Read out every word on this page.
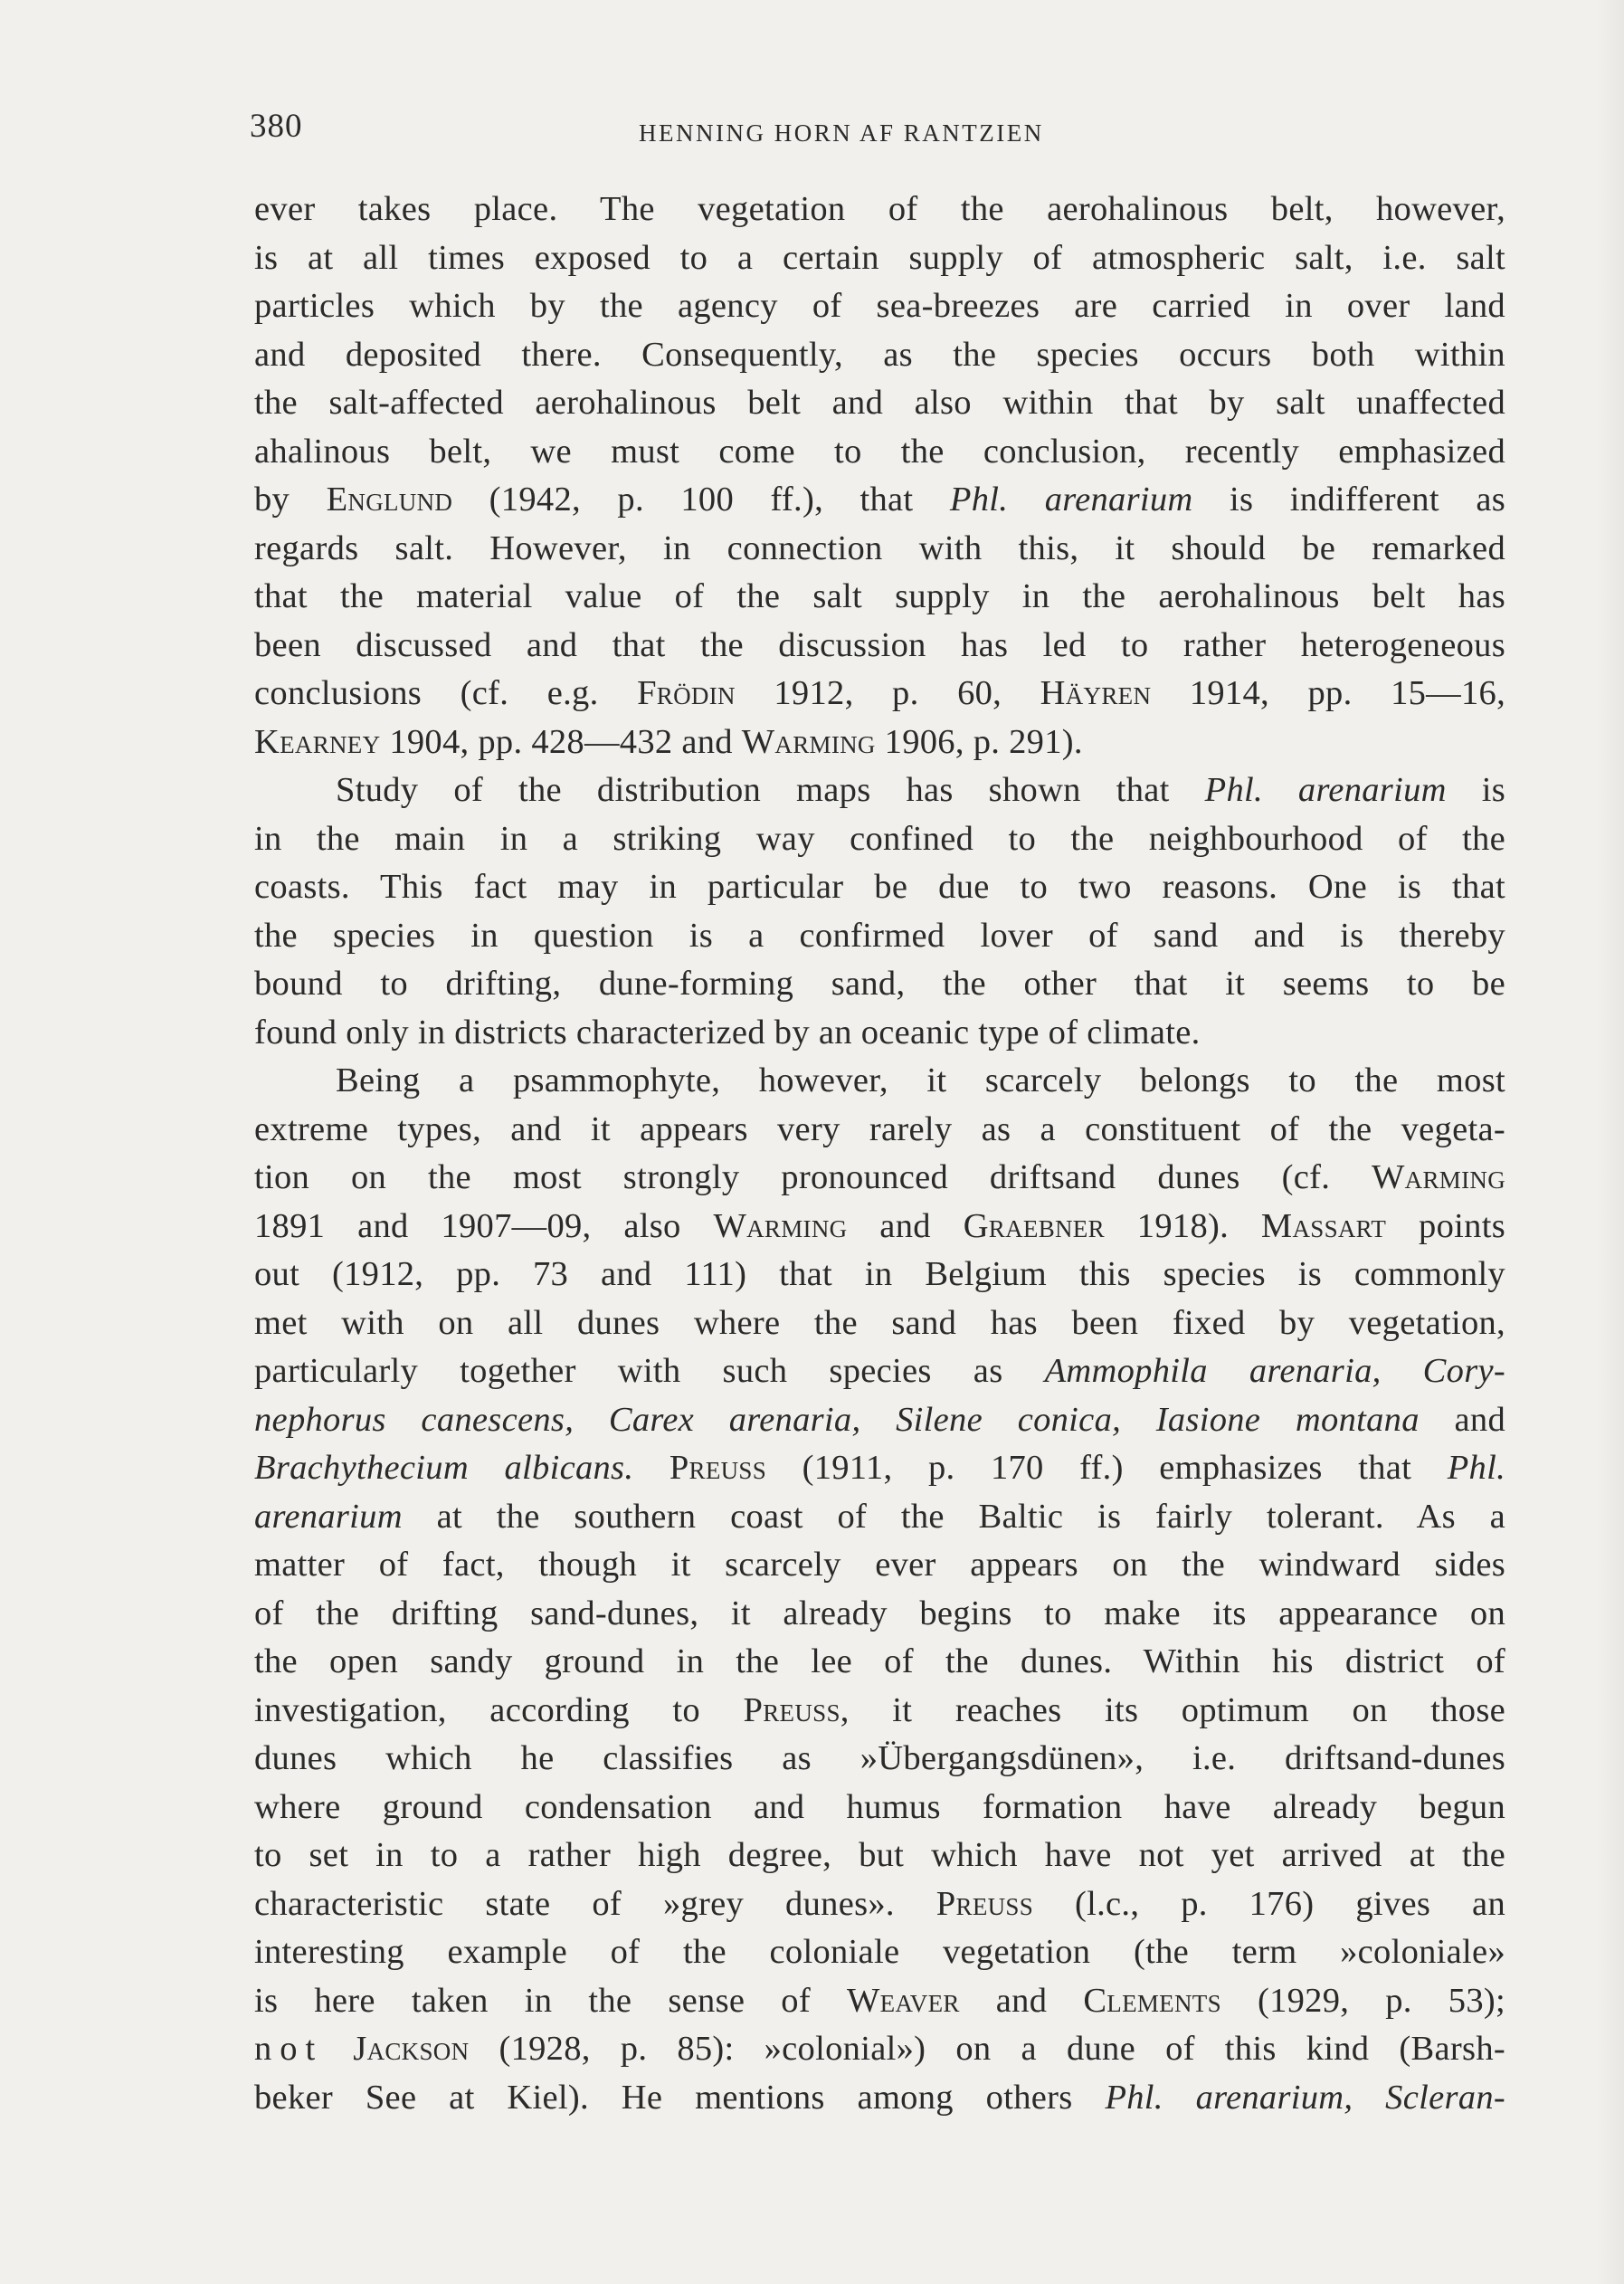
380	HENNING HORN AF RANTZIEN
ever takes place. The vegetation of the aerohalinous belt, however,
is at all times exposed to a certain supply of atmospheric salt, i.e. salt
particles which by the agency of sea-breezes are carried in over land
and deposited there. Consequently, as the species occurs both within
the salt-affected aerohalinous belt and also within that by salt unaffected
ahalinous belt, we must come to the conclusion, recently emphasized
by Englund (1942, p. 100 ff.), that Phl. arenarium is indifferent as
regards salt. However, in connection with this, it should be remarked
that the material value of the salt supply in the aerohalinous belt has
been discussed and that the discussion has led to rather heterogeneous
conclusions (cf. e.g. Frödin 1912, p. 60, Häyren 1914, pp. 15—16,
Kearney 1904, pp. 428—432 and Warming 1906, p. 291).
Study of the distribution maps has shown that Phl. arenarium is
in the main in a striking way confined to the neighbourhood of the
coasts. This fact may in particular be due to two reasons. One is that
the species in question is a confirmed lover of sand and is thereby
bound to drifting, dune-forming sand, the other that it seems to be
found only in districts characterized by an oceanic type of climate.
Being a psammophyte, however, it scarcely belongs to the most
extreme types, and it appears very rarely as a constituent of the vegeta-
tion on the most strongly pronounced driftsand dunes (cf. Warming
1891 and 1907—09, also Warming and Graebner 1918). Massart points
out (1912, pp. 73 and 111) that in Belgium this species is commonly
met with on all dunes where the sand has been fixed by vegetation,
particularly together with such species as Ammophila arenaria, Cory-
nephorus canescens, Carex arenaria, Silene conica, Iasione montana and
Brachythecium albicans. Preuss (1911, p. 170 ff.) emphasizes that Phl.
arenarium at the southern coast of the Baltic is fairly tolerant. As a
matter of fact, though it scarcely ever appears on the windward sides
of the drifting sand-dunes, it already begins to make its appearance on
the open sandy ground in the lee of the dunes. Within his district of
investigation, according to Preuss, it reaches its optimum on those
dunes which he classifies as »Übergangsdünen», i.e. driftsand-dunes
where ground condensation and humus formation have already begun
to set in to a rather high degree, but which have not yet arrived at the
characteristic state of »grey dunes». Preuss (l.c., p. 176) gives an
interesting example of the coloniale vegetation (the term »coloniale»
is here taken in the sense of Weaver and Clements (1929, p. 53);
not Jackson (1928, p. 85): »colonial») on a dune of this kind (Barsh-
beker See at Kiel). He mentions among others Phl. arenarium, Scleran-
